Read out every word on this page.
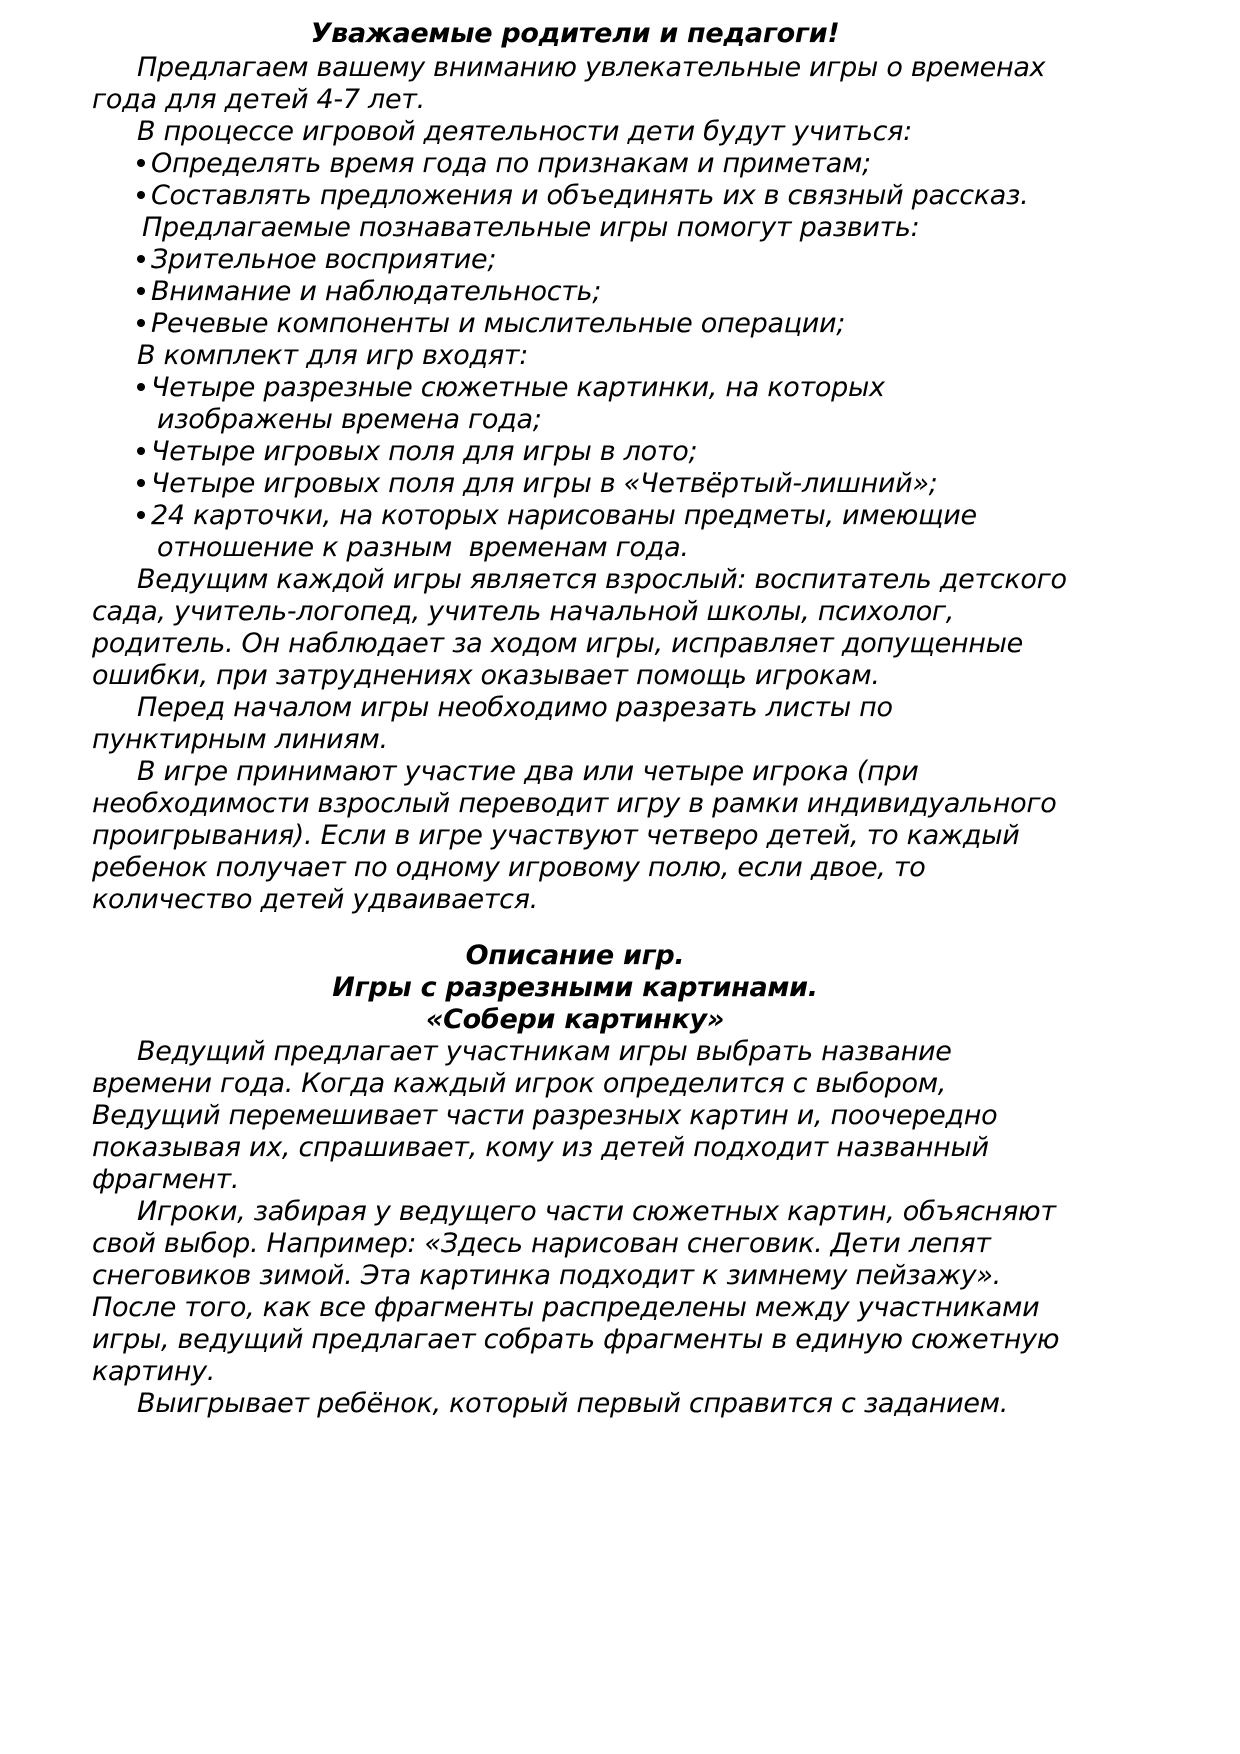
Уважаемые родители и педагоги!
Предлагаем вашему вниманию увлекательные игры о временах
года для детей 4-7 лет.
В процессе игровой деятельности дети будут учиться:
Определять время года по признакам и приметам;
Составлять предложения и объединять их в связный рассказ.
Предлагаемые познавательные игры помогут развить:
Зрительное восприятие;
Внимание и наблюдательность;
Речевые компоненты и мыслительные операции;
В комплект для игр входят:
Четыре разрезные сюжетные картинки, на которых
изображены времена года;
Четыре игровых поля для игры в лото;
Четыре игровых поля для игры в «Четвёртый-лишний»;
24 карточки, на которых нарисованы предметы, имеющие
отношение к разным  временам года.
Ведущим каждой игры является взрослый: воспитатель детского
сада, учитель-логопед, учитель начальной школы, психолог,
родитель. Он наблюдает за ходом игры, исправляет допущенные
ошибки, при затруднениях оказывает помощь игрокам.
Перед началом игры необходимо разрезать листы по
пунктирным линиям.
В игре принимают участие два или четыре игрока (при
необходимости взрослый переводит игру в рамки индивидуального
проигрывания). Если в игре участвуют четверо детей, то каждый
ребенок получает по одному игровому полю, если двое, то
количество детей удваивается.
Описание игр.
Игры с разрезными картинами.
«Собери картинку»
Ведущий предлагает участникам игры выбрать название
времени года. Когда каждый игрок определится с выбором,
Ведущий перемешивает части разрезных картин и, поочередно
показывая их, спрашивает, кому из детей подходит названный
фрагмент.
Игроки, забирая у ведущего части сюжетных картин, объясняют
свой выбор. Например: «Здесь нарисован снеговик. Дети лепят
снеговиков зимой. Эта картинка подходит к зимнему пейзажу».
После того, как все фрагменты распределены между участниками
игры, ведущий предлагает собрать фрагменты в единую сюжетную
картину.
Выигрывает ребёнок, который первый справится с заданием.
